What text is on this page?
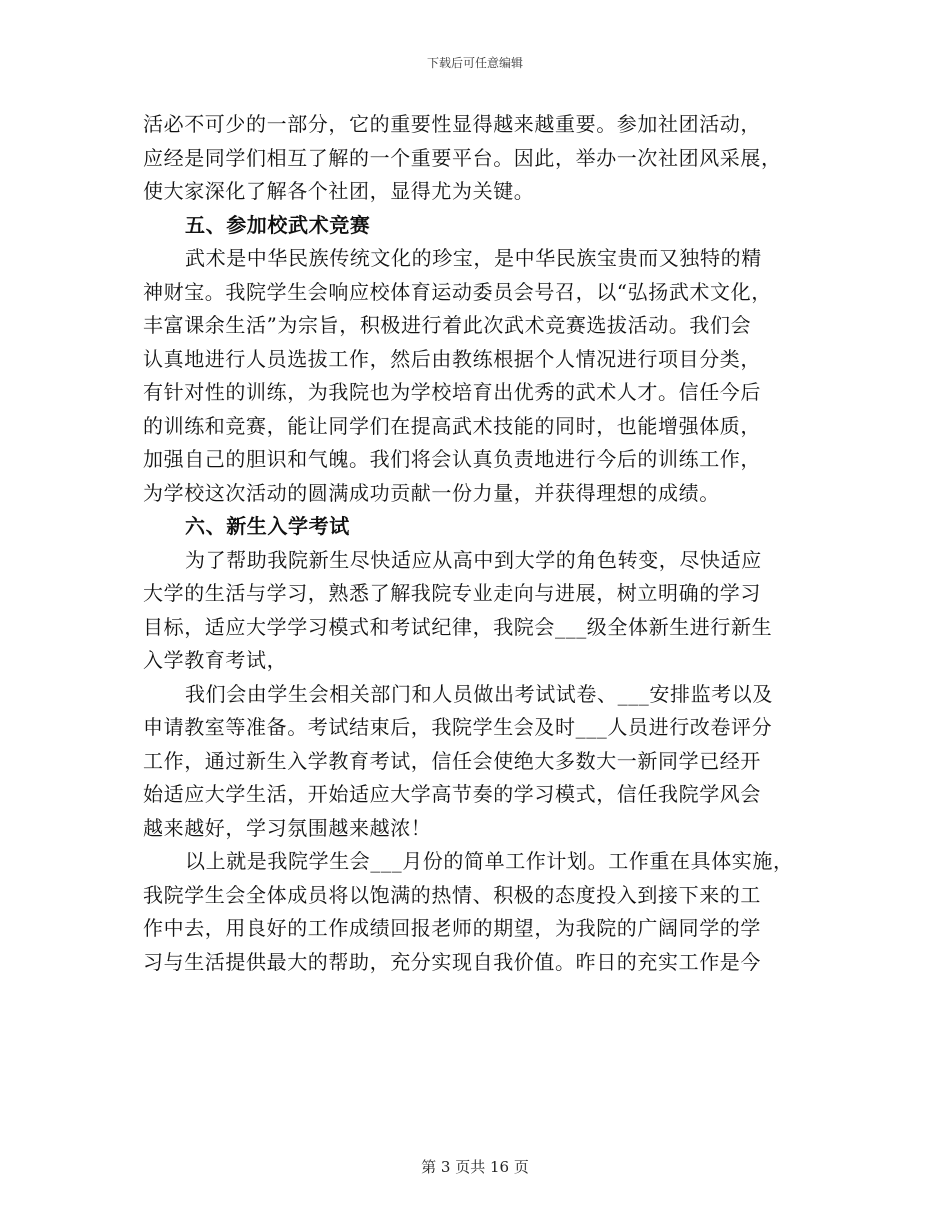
下载后可任意编辑
活必不可少的一部分，它的重要性显得越来越重要。参加社团活动，
应经是同学们相互了解的一个重要平台。因此，举办一次社团风采展，
使大家深化了解各个社团，显得尤为关键。
五、参加校武术竞赛
武术是中华民族传统文化的珍宝，是中华民族宝贵而又独特的精
神财宝。我院学生会响应校体育运动委员会号召，以“弘扬武术文化，
丰富课余生活”为宗旨，积极进行着此次武术竞赛选拔活动。我们会
认真地进行人员选拔工作，然后由教练根据个人情况进行项目分类，
有针对性的训练，为我院也为学校培育出优秀的武术人才。信任今后
的训练和竞赛，能让同学们在提高武术技能的同时，也能增强体质，
加强自己的胆识和气魄。我们将会认真负责地进行今后的训练工作，
为学校这次活动的圆满成功贡献一份力量，并获得理想的成绩。
六、新生入学考试
为了帮助我院新生尽快适应从高中到大学的角色转变，尽快适应
大学的生活与学习，熟悉了解我院专业走向与进展，树立明确的学习
目标，适应大学学习模式和考试纪律，我院会___级全体新生进行新生
入学教育考试，
我们会由学生会相关部门和人员做出考试试卷、___安排监考以及
申请教室等准备。考试结束后，我院学生会及时___人员进行改卷评分
工作，通过新生入学教育考试，信任会使绝大多数大一新同学已经开
始适应大学生活，开始适应大学高节奏的学习模式，信任我院学风会
越来越好，学习氛围越来越浓！
以上就是我院学生会___月份的简单工作计划。工作重在具体实施，
我院学生会全体成员将以饱满的热情、积极的态度投入到接下来的工
作中去，用良好的工作成绩回报老师的期望，为我院的广阔同学的学
习与生活提供最大的帮助，充分实现自我价值。昨日的充实工作是今
第 3 页共 16 页
